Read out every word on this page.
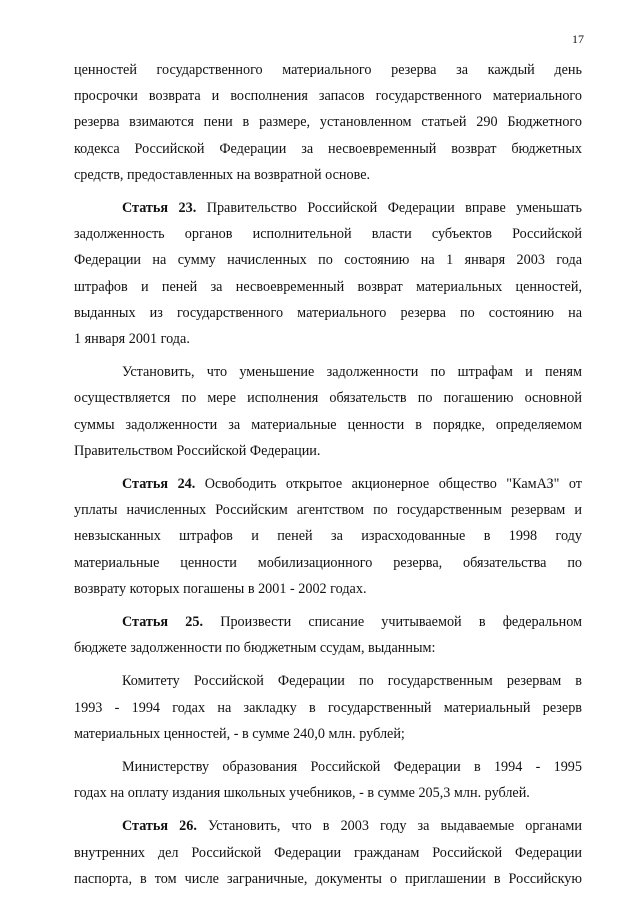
17

ценностей государственного материального резерва за каждый день
просрочки возврата и восполнения запасов государственного материального
резерва взимаются пени в размере, установленном статьей 290 Бюджетного
кодекса Российской Федерации за несвоевременный возврат бюджетных
средств, предоставленных на возвратной основе.

Статья 23. Правительство Российской Федерации вправе уменьшать
задолженность органов исполнительной власти субъектов Российской
Федерации на сумму начисленных по состоянию на 1 января 2003 года
штрафов и пеней за несвоевременный возврат материальных ценностей,
выданных из государственного материального резерва по состоянию на
1 января 2001 года.

Установить, что уменьшение задолженности по штрафам и пеням
осуществляется по мере исполнения обязательств по погашению основной
суммы задолженности за материальные ценности в порядке, определяемом
Правительством Российской Федерации.

Статья 24. Освободить открытое акционерное общество "КамАЗ" от
уплаты начисленных Российским агентством по государственным резервам и
невзысканных штрафов и пеней за израсходованные в 1998 году
материальные ценности мобилизационного резерва, обязательства по
возврату которых погашены в 2001 - 2002 годах.

Статья 25. Произвести списание учитываемой в федеральном
бюджете задолженности по бюджетным ссудам, выданным:

Комитету Российской Федерации по государственным резервам в
1993 - 1994 годах на закладку в государственный материальный резерв
материальных ценностей, - в сумме 240,0 млн. рублей;

Министерству образования Российской Федерации в 1994 - 1995
годах на оплату издания школьных учебников, - в сумме 205,3 млн. рублей.

Статья 26. Установить, что в 2003 году за выдаваемые органами
внутренних дел Российской Федерации гражданам Российской Федерации
паспорта, в том числе заграничные, документы о приглашении в Российскую
